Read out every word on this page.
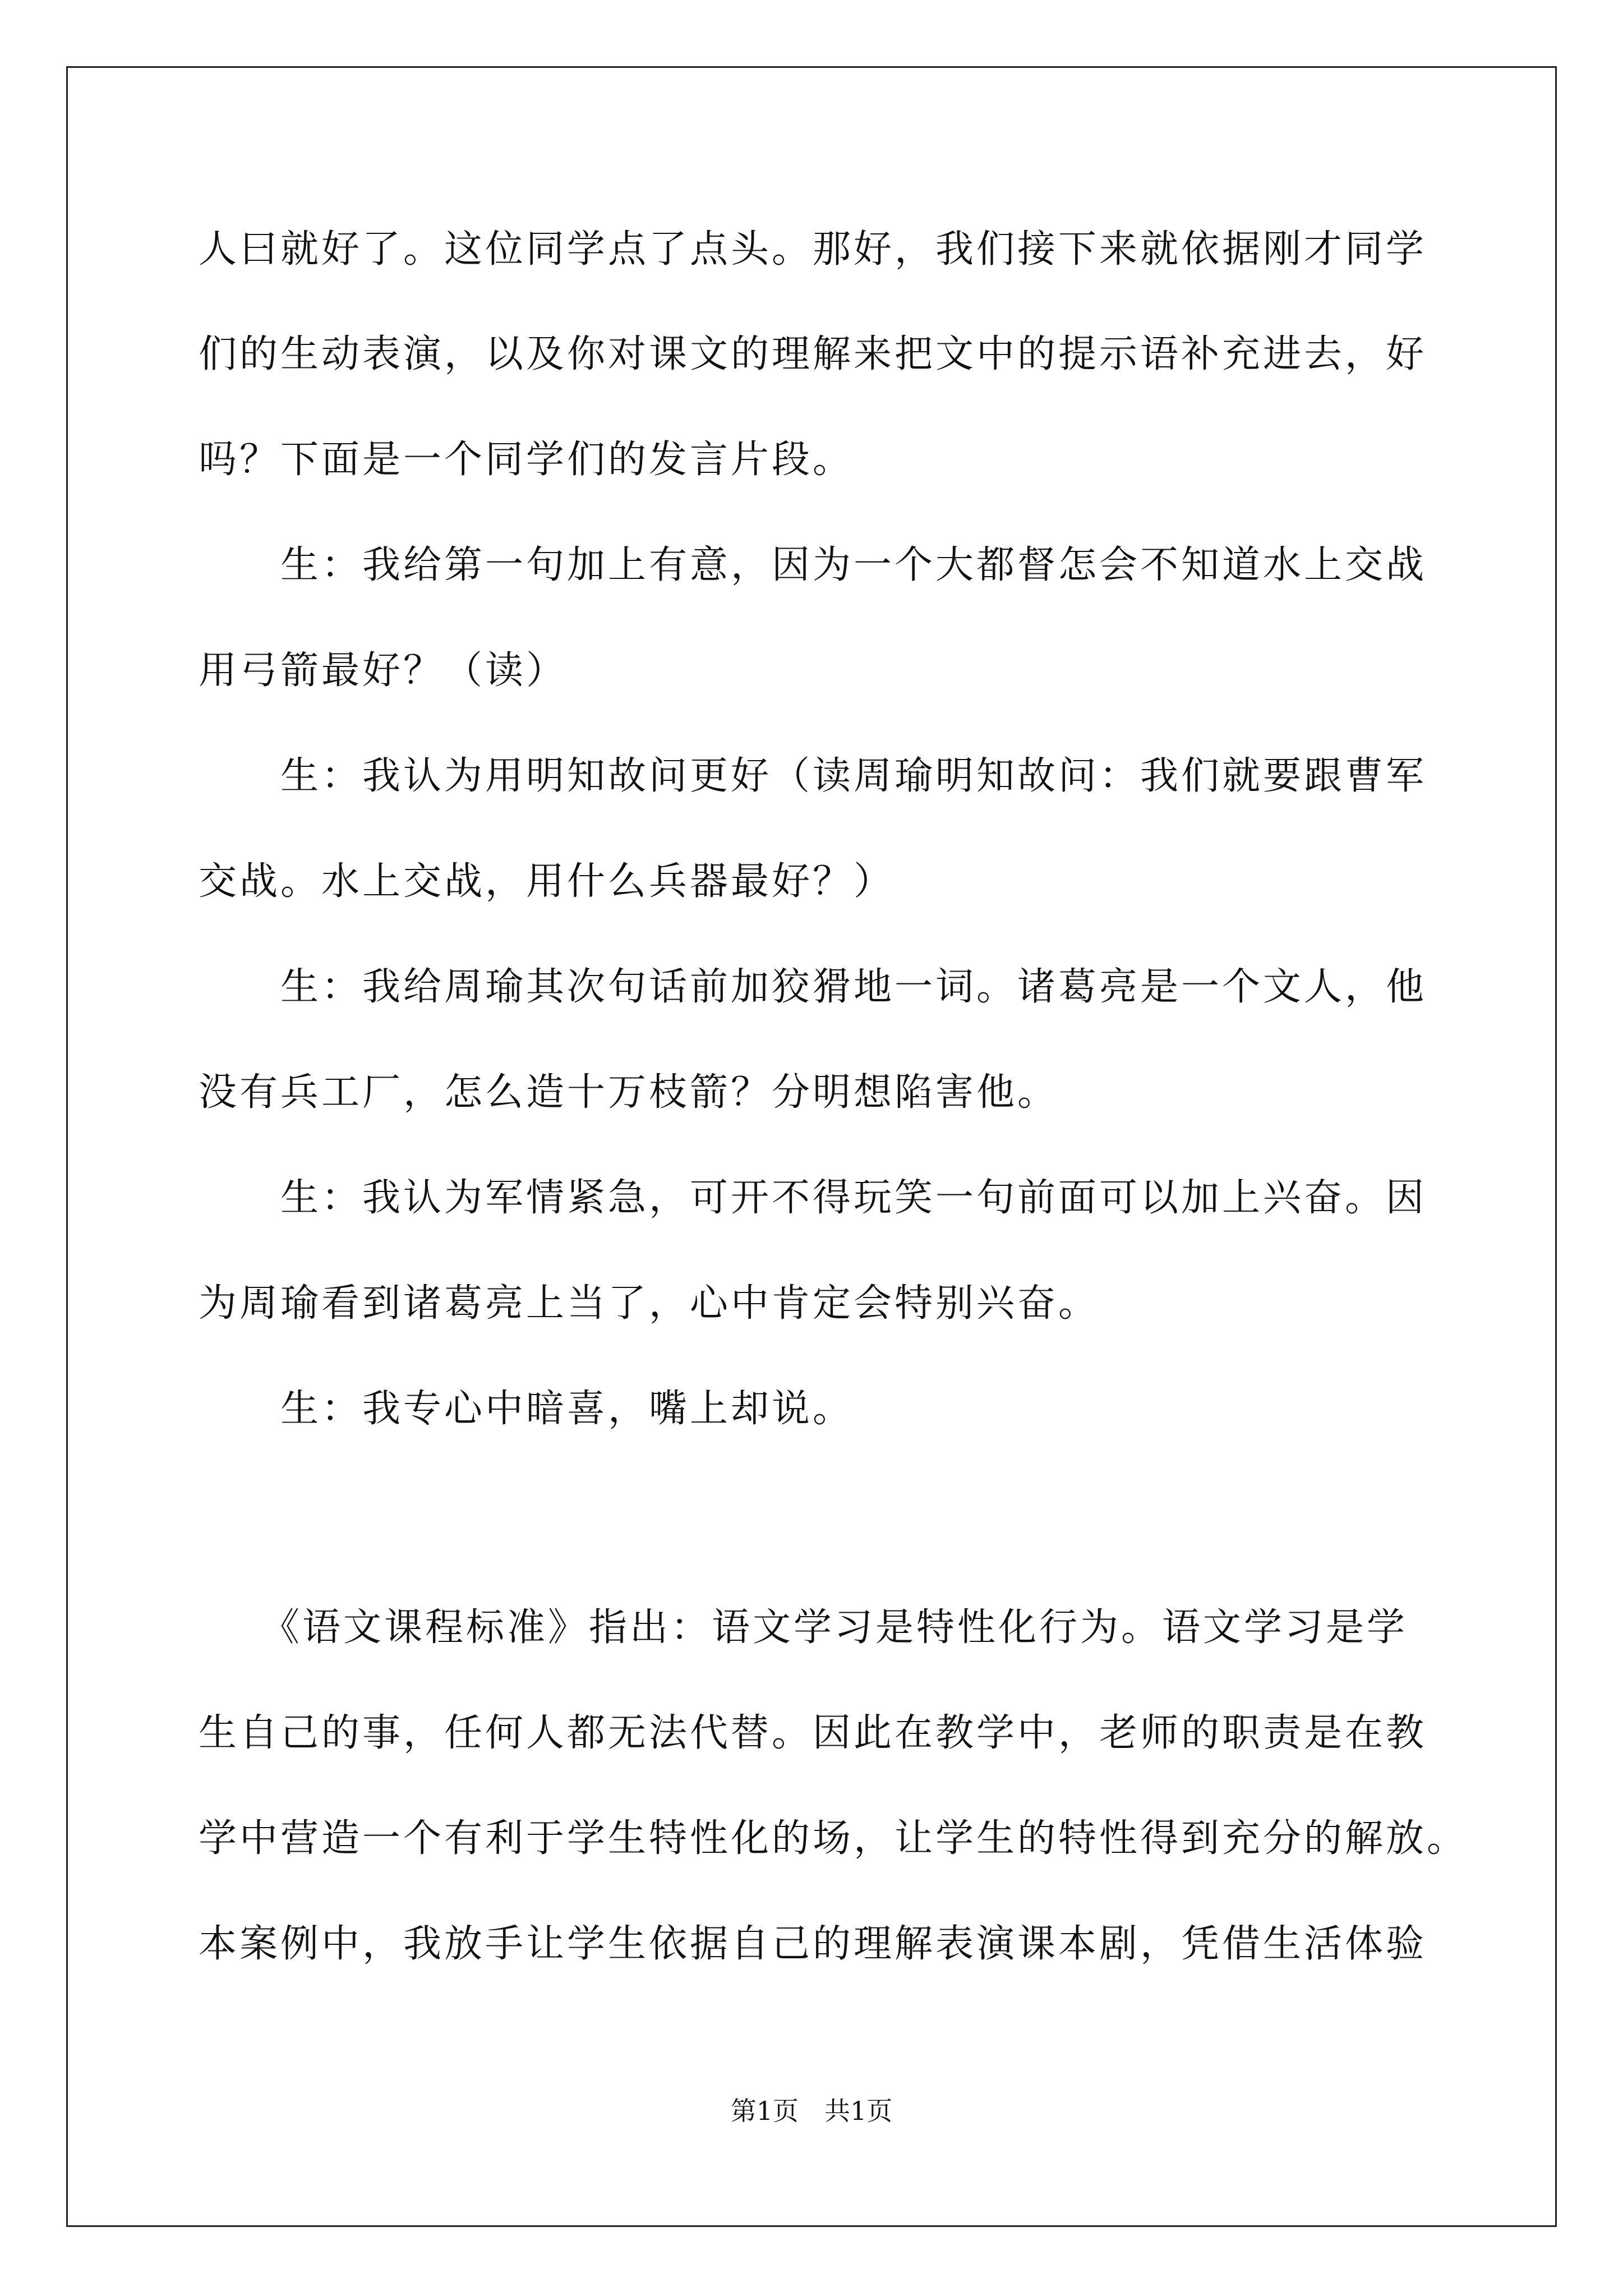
人曰就好了。这位同学点了点头。那好，我们接下来就依据刚才同学
们的生动表演，以及你对课文的理解来把文中的提示语补充进去，好
吗？下面是一个同学们的发言片段。
　　生：我给第一句加上有意，因为一个大都督怎会不知道水上交战
用弓箭最好？（读）
　　生：我认为用明知故问更好（读周瑜明知故问：我们就要跟曹军
交战。水上交战，用什么兵器最好？）
　　生：我给周瑜其次句话前加狡猾地一词。诸葛亮是一个文人，他
没有兵工厂，怎么造十万枝箭？分明想陷害他。
　　生：我认为军情紧急，可开不得玩笑一句前面可以加上兴奋。因
为周瑜看到诸葛亮上当了，心中肯定会特别兴奋。
　　生：我专心中暗喜，嘴上却说。
　　《语文课程标准》指出：语文学习是特性化行为。语文学习是学
生自己的事，任何人都无法代替。因此在教学中，老师的职责是在教
学中营造一个有利于学生特性化的场，让学生的特性得到充分的解放。
本案例中，我放手让学生依据自己的理解表演课本剧，凭借生活体验
第1页　共1页
